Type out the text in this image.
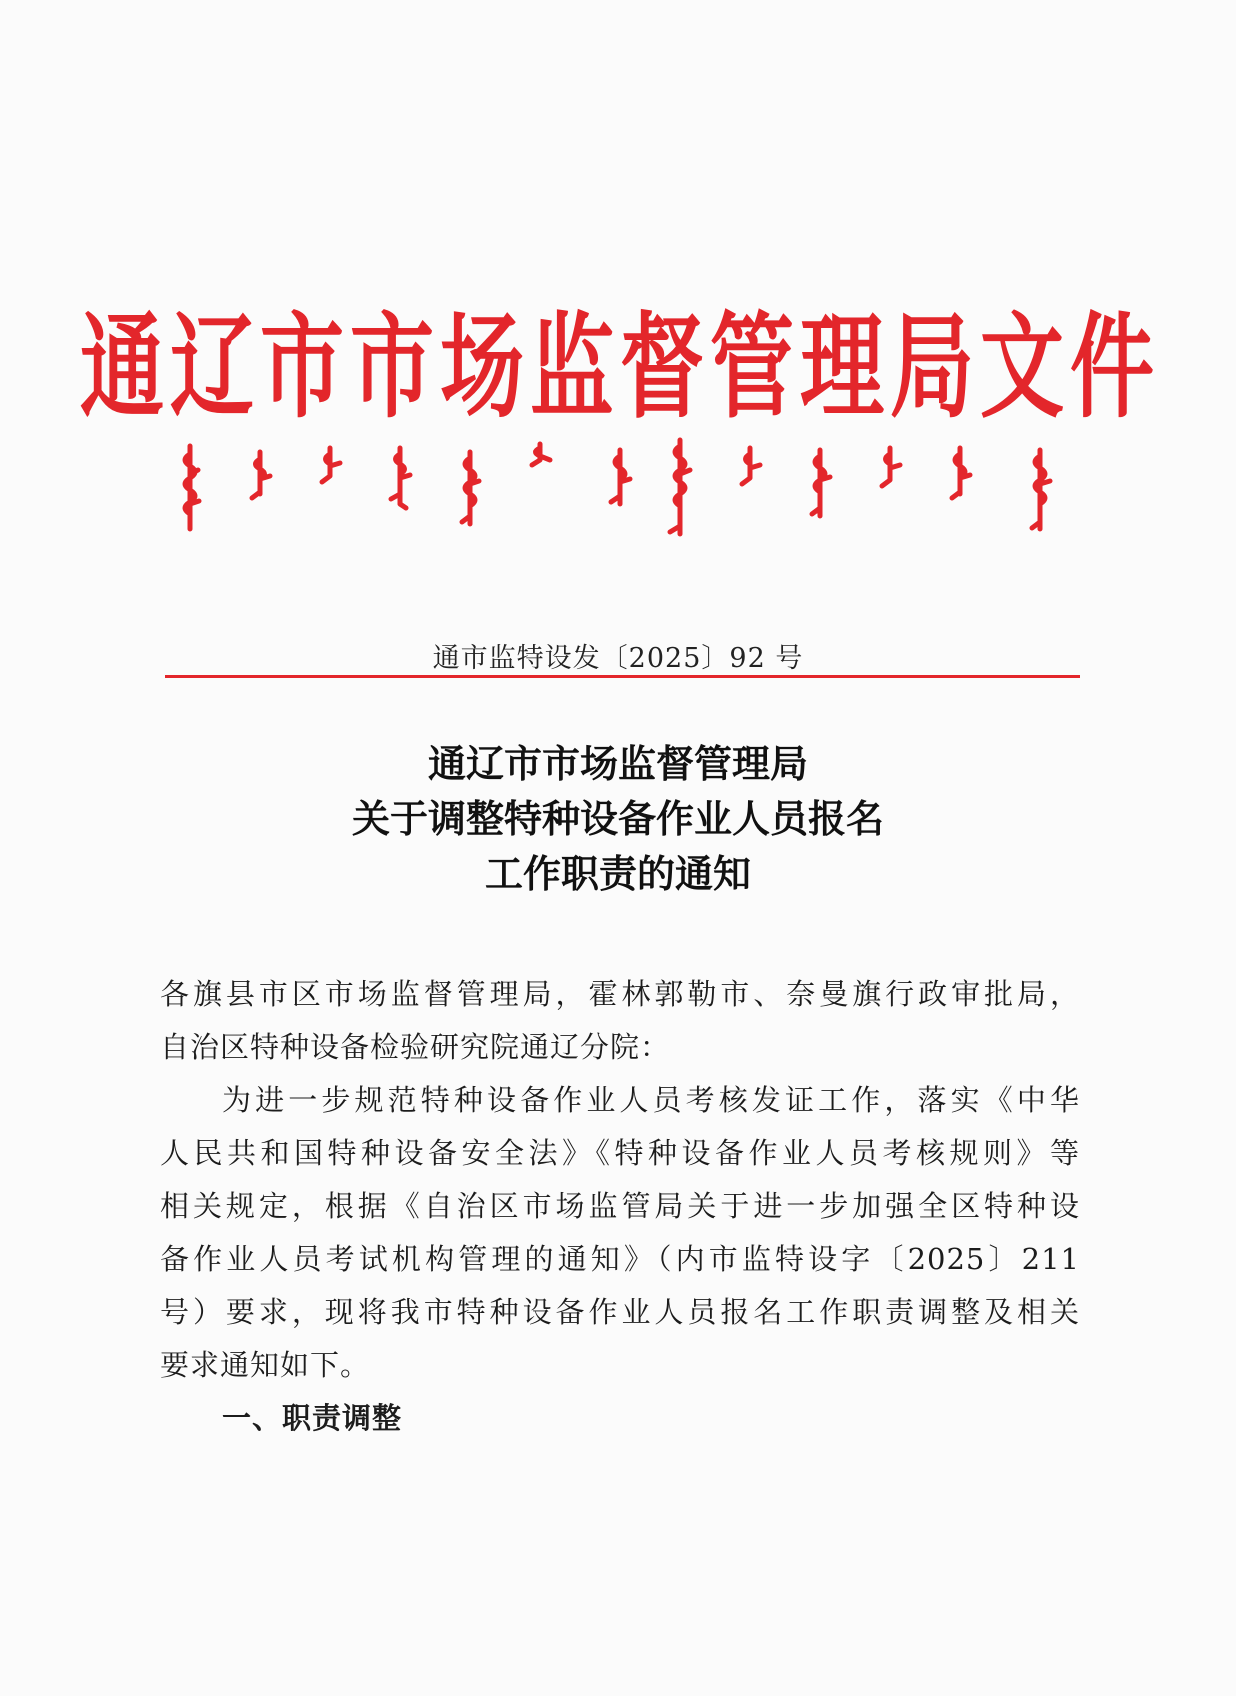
通辽市市场监督管理局文件
通市监特设发〔2025〕92 号
通辽市市场监督管理局
关于调整特种设备作业人员报名
工作职责的通知
各旗县市区市场监督管理局，霍林郭勒市、奈曼旗行政审批局，
自治区特种设备检验研究院通辽分院：
为进一步规范特种设备作业人员考核发证工作，落实《中华
人民共和国特种设备安全法》《特种设备作业人员考核规则》等
相关规定，根据《自治区市场监管局关于进一步加强全区特种设
备作业人员考试机构管理的通知》（内市监特设字〔2025〕211
号）要求，现将我市特种设备作业人员报名工作职责调整及相关
要求通知如下。
一、职责调整
